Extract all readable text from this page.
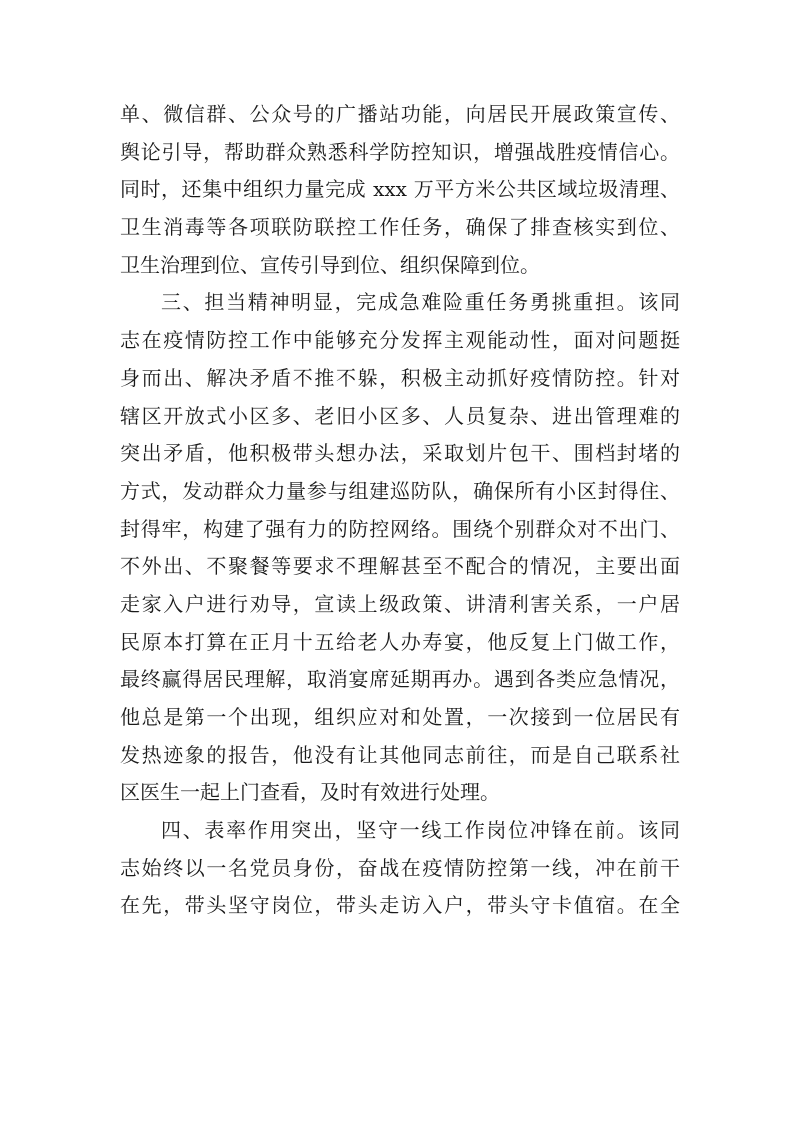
单、微信群、公众号的广播站功能，向居民开展政策宣传、
舆论引导，帮助群众熟悉科学防控知识，增强战胜疫情信心。
同时，还集中组织力量完成 xxx 万平方米公共区域垃圾清理、
卫生消毒等各项联防联控工作任务，确保了排查核实到位、
卫生治理到位、宣传引导到位、组织保障到位。
三、担当精神明显，完成急难险重任务勇挑重担。该同
志在疫情防控工作中能够充分发挥主观能动性，面对问题挺
身而出、解决矛盾不推不躲，积极主动抓好疫情防控。针对
辖区开放式小区多、老旧小区多、人员复杂、进出管理难的
突出矛盾，他积极带头想办法，采取划片包干、围档封堵的
方式，发动群众力量参与组建巡防队，确保所有小区封得住、
封得牢，构建了强有力的防控网络。围绕个别群众对不出门、
不外出、不聚餐等要求不理解甚至不配合的情况，主要出面
走家入户进行劝导，宣读上级政策、讲清利害关系，一户居
民原本打算在正月十五给老人办寿宴，他反复上门做工作，
最终赢得居民理解，取消宴席延期再办。遇到各类应急情况，
他总是第一个出现，组织应对和处置，一次接到一位居民有
发热迹象的报告，他没有让其他同志前往，而是自己联系社
区医生一起上门查看，及时有效进行处理。
四、表率作用突出，坚守一线工作岗位冲锋在前。该同
志始终以一名党员身份，奋战在疫情防控第一线，冲在前干
在先，带头坚守岗位，带头走访入户，带头守卡值宿。在全
